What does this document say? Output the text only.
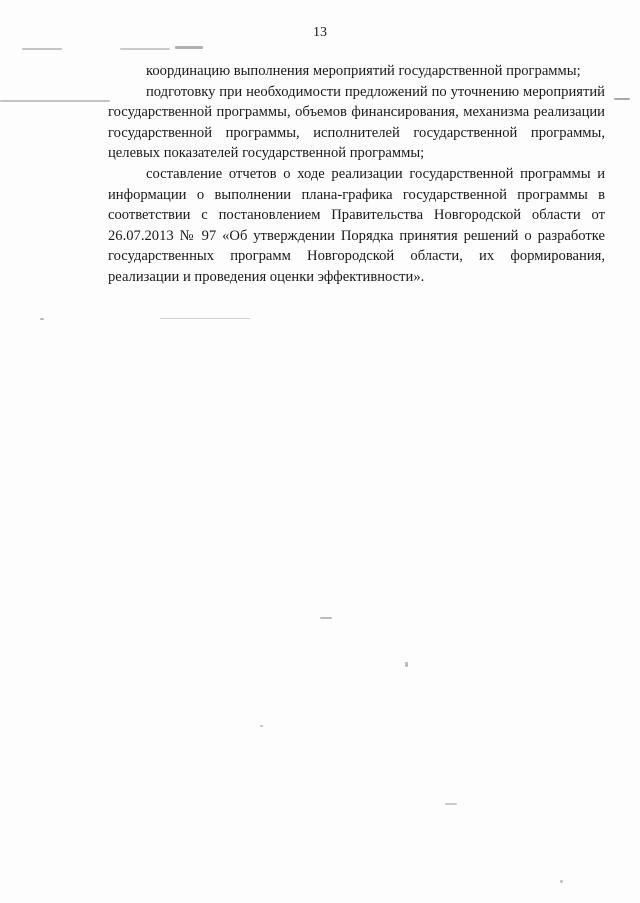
13

координацию выполнения мероприятий государственной программы;

подготовку при необходимости предложений по уточнению мероприятий государственной программы, объемов финансирования, механизма реализации государственной программы, исполнителей государственной программы, целевых показателей государственной программы;

составление отчетов о ходе реализации государственной программы и информации о выполнении плана-графика государственной программы в соответствии с постановлением Правительства Новгородской области от 26.07.2013 № 97 «Об утверждении Порядка принятия решений о разработке государственных программ Новгородской области, их формирования, реализации и проведения оценки эффективности».
